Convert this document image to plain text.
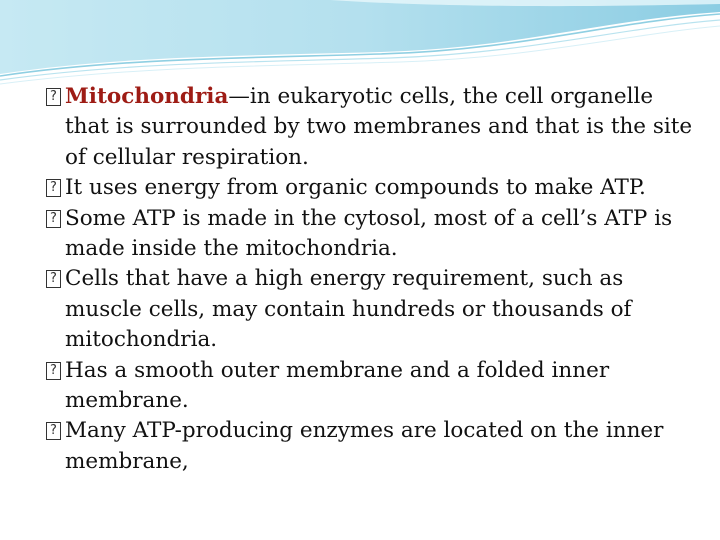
?
Mitochondria—in eukaryotic cells, the cell organelle that is surrounded by two membranes and that is the site of cellular respiration.

?
It uses energy from organic compounds to make ATP.

?
Some ATP is made in the cytosol, most of a cell’s ATP is made inside the mitochondria.

?
Cells that have a high energy requirement, such as muscle cells, may contain hundreds or thousands of mitochondria.

?
Has a smooth outer membrane and a folded inner membrane.

?
Many ATP-producing enzymes are located on the inner membrane,
